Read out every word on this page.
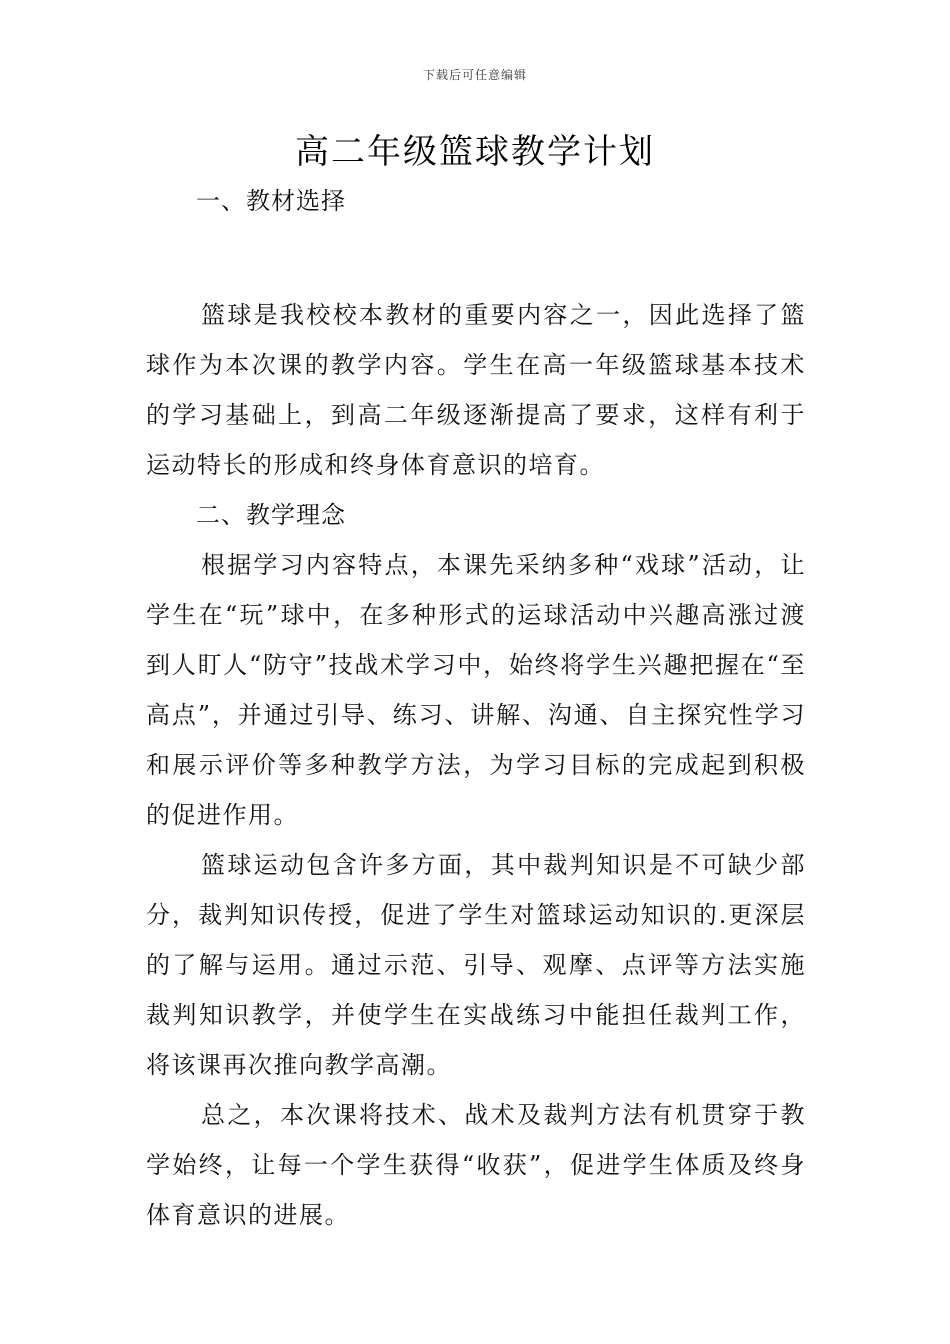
下载后可任意编辑
高二年级篮球教学计划

一、教材选择

篮球是我校校本教材的重要内容之一，因此选择了篮球作为本次课的教学内容。学生在高一年级篮球基本技术的学习基础上，到高二年级逐渐提高了要求，这样有利于运动特长的形成和终身体育意识的培育。

二、教学理念

根据学习内容特点，本课先采纳多种“戏球”活动，让学生在“玩”球中，在多种形式的运球活动中兴趣高涨过渡到人盯人“防守”技战术学习中，始终将学生兴趣把握在“至高点”，并通过引导、练习、讲解、沟通、自主探究性学习和展示评价等多种教学方法，为学习目标的完成起到积极的促进作用。

篮球运动包含许多方面，其中裁判知识是不可缺少部分，裁判知识传授，促进了学生对篮球运动知识的.更深层的了解与运用。通过示范、引导、观摩、点评等方法实施裁判知识教学，并使学生在实战练习中能担任裁判工作，将该课再次推向教学高潮。

总之，本次课将技术、战术及裁判方法有机贯穿于教学始终，让每一个学生获得“收获”，促进学生体质及终身体育意识的进展。
